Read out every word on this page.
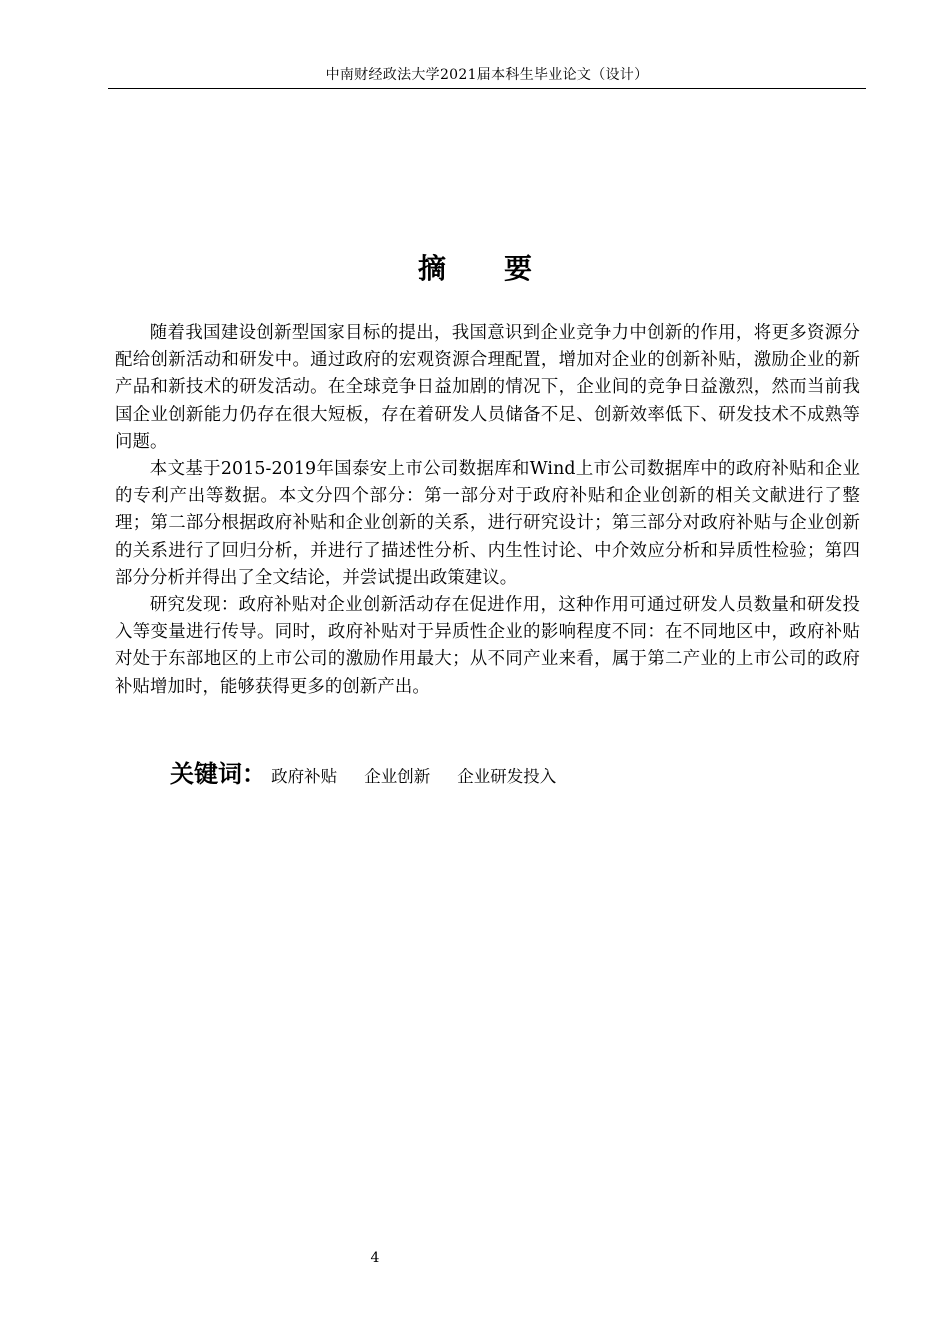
中南财经政法大学2021届本科生毕业论文（设计）
摘 要

随着我国建设创新型国家目标的提出，我国意识到企业竞争力中创新的作用，将更多资源分配给创新活动和研发中。通过政府的宏观资源合理配置，增加对企业的创新补贴，激励企业的新产品和新技术的研发活动。在全球竞争日益加剧的情况下，企业间的竞争日益激烈，然而当前我国企业创新能力仍存在很大短板，存在着研发人员储备不足、创新效率低下、研发技术不成熟等问题。

本文基于2015-2019年国泰安上市公司数据库和Wind上市公司数据库中的政府补贴和企业的专利产出等数据。本文分四个部分：第一部分对于政府补贴和企业创新的相关文献进行了整理；第二部分根据政府补贴和企业创新的关系，进行研究设计；第三部分对政府补贴与企业创新的关系进行了回归分析，并进行了描述性分析、内生性讨论、中介效应分析和异质性检验；第四部分分析并得出了全文结论，并尝试提出政策建议。

研究发现：政府补贴对企业创新活动存在促进作用，这种作用可通过研发人员数量和研发投入等变量进行传导。同时，政府补贴对于异质性企业的影响程度不同：在不同地区中，政府补贴对处于东部地区的上市公司的激励作用最大；从不同产业来看，属于第二产业的上市公司的政府补贴增加时，能够获得更多的创新产出。

关键词： 政府补贴 企业创新 企业研发投入
4
